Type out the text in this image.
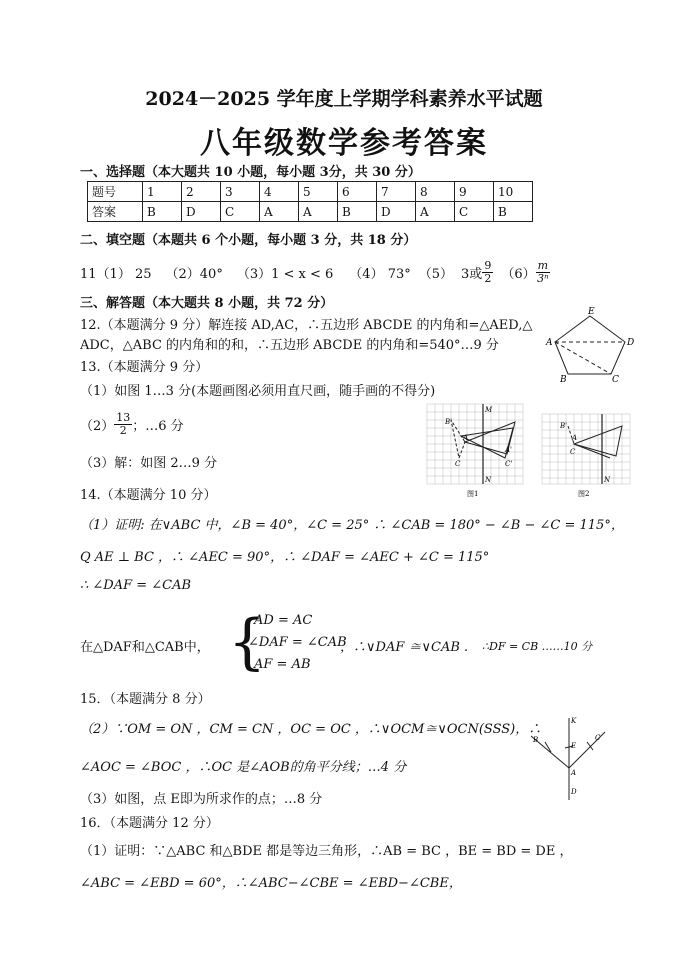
2024－2025 学年度上学期学科素养水平试题
八年级数学参考答案
一、选择题（本大题共 10 小题，每小题 3分，共 30 分）
题号	1	2	3	4	5	6	7	8	9	10
答案	B	D	C	A	A	B	D	A	C	B
二、填空题（本题共 6 个小题，每小题 3 分，共 18 分）
11（1） 25 （2）40° （3）1 < x < 6 （4） 73° （5） 3或 $\frac{9}{2} (6) \frac{m}{\text{3ⁿ}}$
三、解答题（本大题共 8 小题，共 72 分）
12.（本题满分 9 分）解连接 AD,AC，∴五边形 ABCDE 的内角和=△AED,△
ADC，△ABC 的内角和的和，∴五边形 ABCDE 的内角和=540°…9 分
E
A	D
B	C
13.（本题满分 9 分）
（1）如图 1…3 分(本题画图必须用直尺画，随手画的不得分)
$(2) \frac{13}{2}$ ；…6 分
（3）解：如图 2…9 分
M
B'
A
A'
C	C'
N
图1
B'
A
C
N
图2
14.（本题满分 10 分）
（1）证明: 在∨ABC 中，∠B = 40°，∠C = 25° ∴ ∠CAB = 180° − ∠B − ∠C = 115°，
Q AE ⊥ BC ，∴ ∠AEC = 90°，∴ ∠DAF = ∠AEC + ∠C = 115°
∴ ∠DAF = ∠CAB
在△DAF和△CAB中， {
AD = AC
∠DAF = ∠CAB
AF = AB
，∴∨DAF ≅∨CAB . ∴DF = CB ……10 分
15．（本题满分 8 分）
（2）∵OM = ON ，CM = CN ，OC = OC ，∴∨OCM≅∨OCN(SSS)，∴
∠AOC = ∠BOC ，∴OC 是∠AOB的角平分线；…4 分
（3）如图，点 E即为所求作的点；…8 分
K
B
E
C
A
D
16．（本题满分 12 分）
（1）证明：∵△ABC 和△BDE 都是等边三角形，∴AB = BC ，BE = BD = DE ，
∠ABC = ∠EBD = 60°，∴∠ABC−∠CBE = ∠EBD−∠CBE，
